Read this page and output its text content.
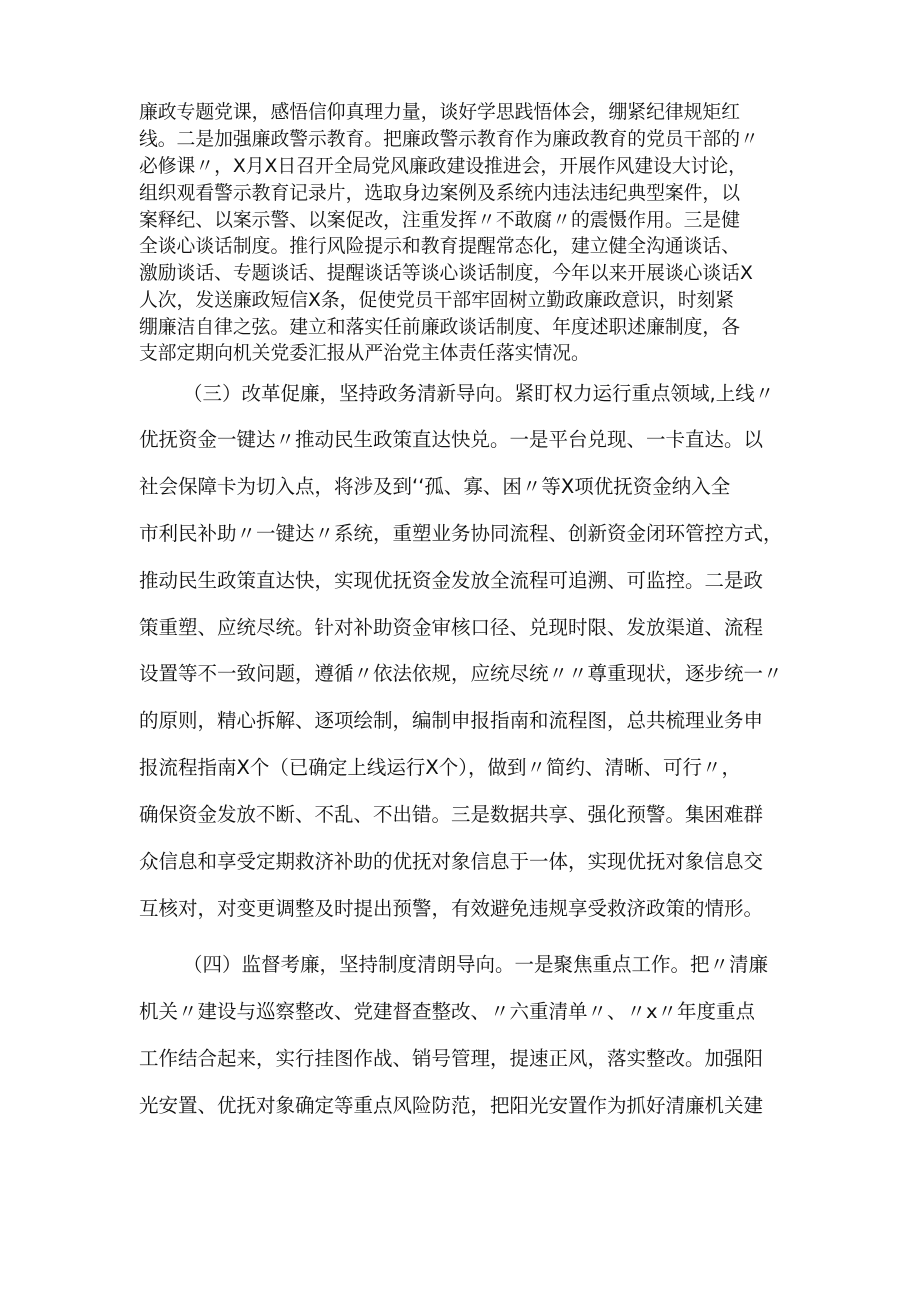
廉政专题党课，感悟信仰真理力量，谈好学思践悟体会，绷紧纪律规矩红

线。二是加强廉政警示教育。把廉政警示教育作为廉政教育的党员干部的〃

必修课〃，X月X日召开全局党风廉政建设推进会，开展作风建设大讨论，

组织观看警示教育记录片，选取身边案例及系统内违法违纪典型案件，以

案释纪、以案示警、以案促改，注重发挥〃不敢腐〃的震慑作用。三是健

全谈心谈话制度。推行风险提示和教育提醒常态化，建立健全沟通谈话、

激励谈话、专题谈话、提醒谈话等谈心谈话制度，今年以来开展谈心谈话X

人次，发送廉政短信X条，促使党员干部牢固树立勤政廉政意识，时刻紧

绷廉洁自律之弦。建立和落实任前廉政谈话制度、年度述职述廉制度，各

支部定期向机关党委汇报从严治党主体责任落实情况。

（三）改革促廉，坚持政务清新导向。紧盯权力运行重点领域,上线〃

优抚资金一键达〃推动民生政策直达快兑。一是平台兑现、一卡直达。以

社会保障卡为切入点，将涉及到‘‘孤、寡、困〃等X项优抚资金纳入全

市利民补助〃一键达〃系统，重塑业务协同流程、创新资金闭环管控方式，

推动民生政策直达快，实现优抚资金发放全流程可追溯、可监控。二是政

策重塑、应统尽统。针对补助资金审核口径、兑现时限、发放渠道、流程

设置等不一致问题，遵循〃依法依规，应统尽统〃〃尊重现状，逐步统一〃

的原则，精心拆解、逐项绘制，编制申报指南和流程图，总共梳理业务申

报流程指南X个（已确定上线运行X个），做到〃简约、清晰、可行〃，

确保资金发放不断、不乱、不出错。三是数据共享、强化预警。集困难群

众信息和享受定期救济补助的优抚对象信息于一体，实现优抚对象信息交

互核对，对变更调整及时提出预警，有效避免违规享受救济政策的情形。

（四）监督考廉，坚持制度清朗导向。一是聚焦重点工作。把〃清廉

机关〃建设与巡察整改、党建督查整改、〃六重清单〃、〃x〃年度重点

工作结合起来，实行挂图作战、销号管理，提速正风，落实整改。加强阳

光安置、优抚对象确定等重点风险防范，把阳光安置作为抓好清廉机关建
